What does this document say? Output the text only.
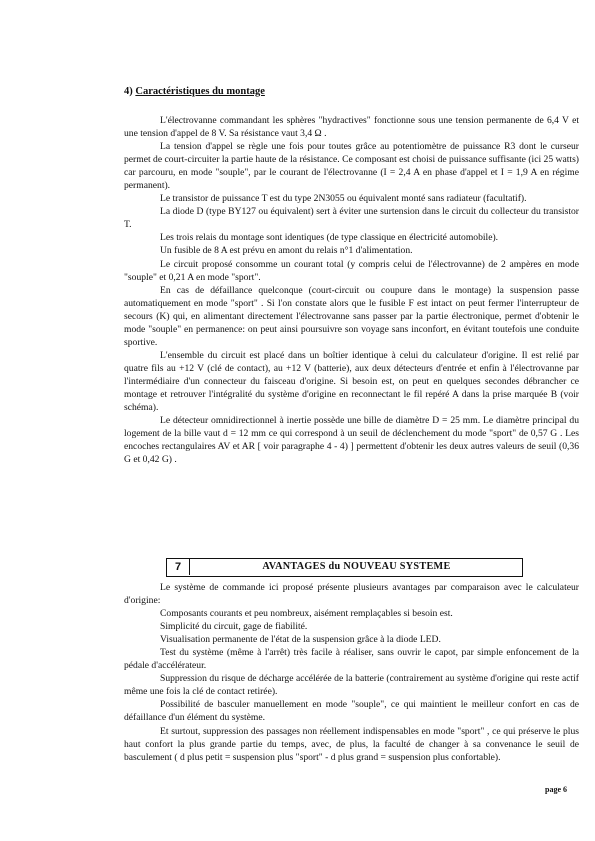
4) Caractéristiques du montage

L'électrovanne commandant les sphères "hydractives" fonctionne sous une tension permanente de 6,4 V et une tension d'appel de 8 V. Sa résistance vaut 3,4 Ω .

La tension d'appel se règle une fois pour toutes grâce au potentiomètre de puissance R3 dont le curseur permet de court-circuiter la partie haute de la résistance. Ce composant est choisi de puissance suffisante (ici 25 watts) car parcouru, en mode "souple", par le courant de l'électrovanne (I = 2,4 A en phase d'appel et I = 1,9 A en régime permanent).

Le transistor de puissance T est du type 2N3055 ou équivalent monté sans radiateur (facultatif).

La diode D (type BY127 ou équivalent) sert à éviter une surtension dans le circuit du collecteur du transistor T.

Les trois relais du montage sont identiques (de type classique en électricité automobile).

Un fusible de 8 A est prévu en amont du relais n°1 d'alimentation.

Le circuit proposé consomme un courant total (y compris celui de l'électrovanne) de 2 ampères en mode "souple" et 0,21 A en mode "sport".

En cas de défaillance quelconque (court-circuit ou coupure dans le montage) la suspension passe automatiquement en mode "sport" . Si l'on constate alors que le fusible F est intact on peut fermer l'interrupteur de secours (K) qui, en alimentant directement l'électrovanne sans passer par la partie électronique, permet d'obtenir le mode "souple" en permanence: on peut ainsi poursuivre son voyage sans inconfort, en évitant toutefois une conduite sportive.

L'ensemble du circuit est placé dans un boîtier identique à celui du calculateur d'origine. Il est relié par quatre fils au +12 V (clé de contact), au +12 V (batterie), aux deux détecteurs d'entrée et enfin à l'électrovanne par l'intermédiaire d'un connecteur du faisceau d'origine. Si besoin est, on peut en quelques secondes débrancher ce montage et retrouver l'intégralité du système d'origine en reconnectant le fil repéré A dans la prise marquée B (voir schéma).

Le détecteur omnidirectionnel à inertie possède une bille de diamètre D = 25 mm. Le diamètre principal du logement de la bille vaut d = 12 mm ce qui correspond à un seuil de déclenchement du mode "sport" de 0,57 G . Les encoches rectangulaires AV et AR [ voir paragraphe 4 - 4) ] permettent d'obtenir les deux autres valeurs de seuil (0,36 G et 0,42 G) .

7	AVANTAGES du NOUVEAU SYSTEME

Le système de commande ici proposé présente plusieurs avantages par comparaison avec le calculateur d'origine:

Composants courants et peu nombreux, aisément remplaçables si besoin est.

Simplicité du circuit, gage de fiabilité.

Visualisation permanente de l'état de la suspension grâce à la diode LED.

Test du système (même à l'arrêt) très facile à réaliser, sans ouvrir le capot, par simple enfoncement de la pédale d'accélérateur.

Suppression du risque de décharge accélérée de la batterie (contrairement au système d'origine qui reste actif même une fois la clé de contact retirée).

Possibilité de basculer manuellement en mode "souple", ce qui maintient le meilleur confort en cas de défaillance d'un élément du système.

Et surtout, suppression des passages non réellement indispensables en mode "sport" , ce qui préserve le plus haut confort la plus grande partie du temps, avec, de plus, la faculté de changer à sa convenance le seuil de basculement ( d plus petit = suspension plus "sport" - d plus grand = suspension plus confortable).

page 6
